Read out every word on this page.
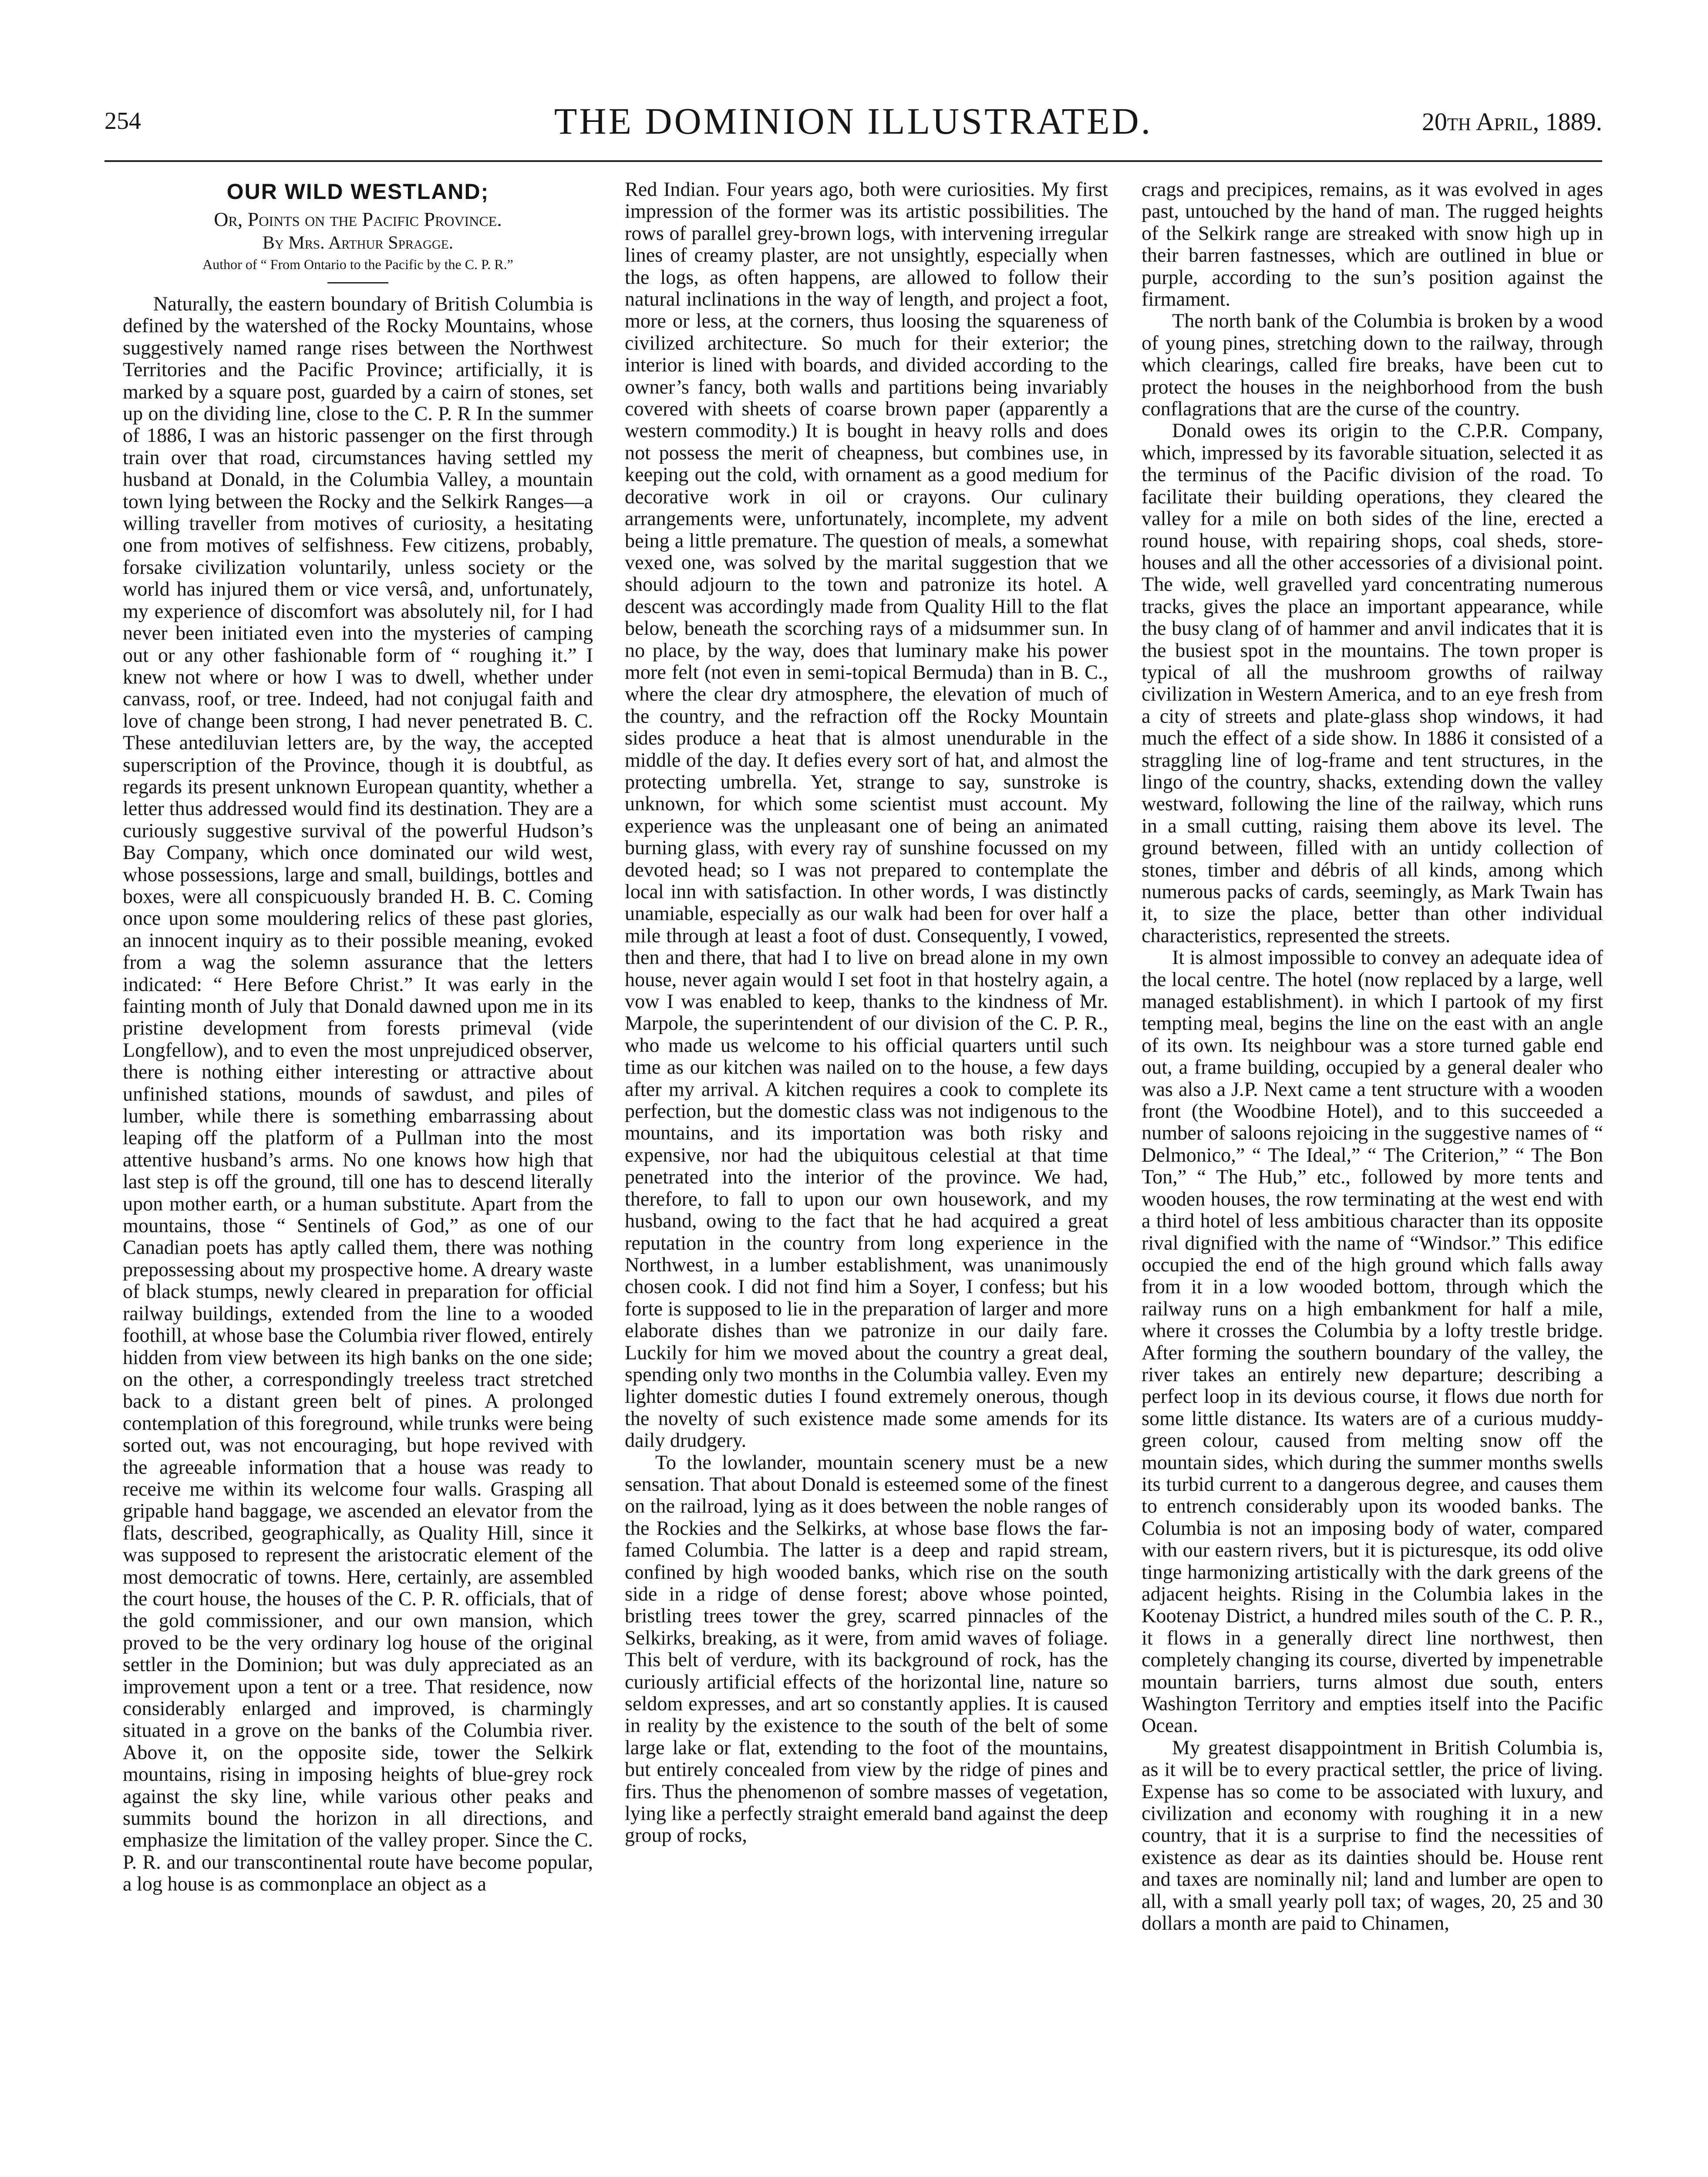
254	THE DOMINION ILLUSTRATED.	20th April, 1889.
OUR WILD WESTLAND;
Or, Points on the Pacific Province.
By Mrs. Arthur Spragge.
Author of “ From Ontario to the Pacific by the C. P. R.”

Naturally, the eastern boundary of British Columbia is defined by the watershed of the Rocky Mountains, whose suggestively named range rises between the Northwest Territories and the Pacific Province; artificially, it is marked by a square post, guarded by a cairn of stones, set up on the dividing line, close to the C. P. R In the summer of 1886, I was an historic passenger on the first through train over that road, circumstances having settled my husband at Donald, in the Columbia Valley, a mountain town lying between the Rocky and the Selkirk Ranges—a willing traveller from motives of curiosity, a hesitating one from motives of selfishness. Few citizens, probably, forsake civilization voluntarily, unless society or the world has injured them or vice versâ, and, unfortunately, my experience of discomfort was absolutely nil, for I had never been initiated even into the mysteries of camping out or any other fashionable form of “ roughing it.” I knew not where or how I was to dwell, whether under canvass, roof, or tree. Indeed, had not conjugal faith and love of change been strong, I had never penetrated B. C. These antediluvian letters are, by the way, the accepted superscription of the Province, though it is doubtful, as regards its present unknown European quantity, whether a letter thus addressed would find its destination. They are a curiously suggestive survival of the powerful Hudson’s Bay Company, which once dominated our wild west, whose possessions, large and small, buildings, bottles and boxes, were all conspicuously branded H. B. C. Coming once upon some mouldering relics of these past glories, an innocent inquiry as to their possible meaning, evoked from a wag the solemn assurance that the letters indicated: “ Here Before Christ.” It was early in the fainting month of July that Donald dawned upon me in its pristine development from forests primeval (vide Longfellow), and to even the most unprejudiced observer, there is nothing either interesting or attractive about unfinished stations, mounds of sawdust, and piles of lumber, while there is something embarrassing about leaping off the platform of a Pullman into the most attentive husband’s arms. No one knows how high that last step is off the ground, till one has to descend literally upon mother earth, or a human substitute. Apart from the mountains, those “ Sentinels of God,” as one of our Canadian poets has aptly called them, there was nothing prepossessing about my prospective home. A dreary waste of black stumps, newly cleared in preparation for official railway buildings, extended from the line to a wooded foothill, at whose base the Columbia river flowed, entirely hidden from view between its high banks on the one side; on the other, a correspondingly treeless tract stretched back to a distant green belt of pines. A prolonged contemplation of this foreground, while trunks were being sorted out, was not encouraging, but hope revived with the agreeable information that a house was ready to receive me within its welcome four walls. Grasping all gripable hand baggage, we ascended an elevator from the flats, described, geographically, as Quality Hill, since it was supposed to represent the aristocratic element of the most democratic of towns. Here, certainly, are assembled the court house, the houses of the C. P. R. officials, that of the gold commissioner, and our own mansion, which proved to be the very ordinary log house of the original settler in the Dominion; but was duly appreciated as an improvement upon a tent or a tree. That residence, now considerably enlarged and improved, is charmingly situated in a grove on the banks of the Columbia river. Above it, on the opposite side, tower the Selkirk mountains, rising in imposing heights of blue-grey rock against the sky line, while various other peaks and summits bound the horizon in all directions, and emphasize the limitation of the valley proper. Since the C. P. R. and our transcontinental route have become popular, a log house is as commonplace an object as a

Red Indian. Four years ago, both were curiosities. My first impression of the former was its artistic possibilities. The rows of parallel grey-brown logs, with intervening irregular lines of creamy plaster, are not unsightly, especially when the logs, as often happens, are allowed to follow their natural inclinations in the way of length, and project a foot, more or less, at the corners, thus loosing the squareness of civilized architecture. So much for their exterior; the interior is lined with boards, and divided according to the owner’s fancy, both walls and partitions being invariably covered with sheets of coarse brown paper (apparently a western commodity.) It is bought in heavy rolls and does not possess the merit of cheapness, but combines use, in keeping out the cold, with ornament as a good medium for decorative work in oil or crayons. Our culinary arrangements were, unfortunately, incomplete, my advent being a little premature. The question of meals, a somewhat vexed one, was solved by the marital suggestion that we should adjourn to the town and patronize its hotel. A descent was accordingly made from Quality Hill to the flat below, beneath the scorching rays of a midsummer sun. In no place, by the way, does that luminary make his power more felt (not even in semi-topical Bermuda) than in B. C., where the clear dry atmosphere, the elevation of much of the country, and the refraction off the Rocky Mountain sides produce a heat that is almost unendurable in the middle of the day. It defies every sort of hat, and almost the protecting umbrella. Yet, strange to say, sunstroke is unknown, for which some scientist must account. My experience was the unpleasant one of being an animated burning glass, with every ray of sunshine focussed on my devoted head; so I was not prepared to contemplate the local inn with satisfaction. In other words, I was distinctly unamiable, especially as our walk had been for over half a mile through at least a foot of dust. Consequently, I vowed, then and there, that had I to live on bread alone in my own house, never again would I set foot in that hostelry again, a vow I was enabled to keep, thanks to the kindness of Mr. Marpole, the superintendent of our division of the C. P. R., who made us welcome to his official quarters until such time as our kitchen was nailed on to the house, a few days after my arrival. A kitchen requires a cook to complete its perfection, but the domestic class was not indigenous to the mountains, and its importation was both risky and expensive, nor had the ubiquitous celestial at that time penetrated into the interior of the province. We had, therefore, to fall to upon our own housework, and my husband, owing to the fact that he had acquired a great reputation in the country from long experience in the Northwest, in a lumber establishment, was unanimously chosen cook. I did not find him a Soyer, I confess; but his forte is supposed to lie in the preparation of larger and more elaborate dishes than we patronize in our daily fare. Luckily for him we moved about the country a great deal, spending only two months in the Columbia valley. Even my lighter domestic duties I found extremely onerous, though the novelty of such existence made some amends for its daily drudgery.

To the lowlander, mountain scenery must be a new sensation. That about Donald is esteemed some of the finest on the railroad, lying as it does between the noble ranges of the Rockies and the Selkirks, at whose base flows the far-famed Columbia. The latter is a deep and rapid stream, confined by high wooded banks, which rise on the south side in a ridge of dense forest; above whose pointed, bristling trees tower the grey, scarred pinnacles of the Selkirks, breaking, as it were, from amid waves of foliage. This belt of verdure, with its background of rock, has the curiously artificial effects of the horizontal line, nature so seldom expresses, and art so constantly applies. It is caused in reality by the existence to the south of the belt of some large lake or flat, extending to the foot of the mountains, but entirely concealed from view by the ridge of pines and firs. Thus the phenomenon of sombre masses of vegetation, lying like a perfectly straight emerald band against the deep group of rocks,

crags and precipices, remains, as it was evolved in ages past, untouched by the hand of man. The rugged heights of the Selkirk range are streaked with snow high up in their barren fastnesses, which are outlined in blue or purple, according to the sun’s position against the firmament.

The north bank of the Columbia is broken by a wood of young pines, stretching down to the railway, through which clearings, called fire breaks, have been cut to protect the houses in the neighborhood from the bush conflagrations that are the curse of the country.

Donald owes its origin to the C.P.R. Company, which, impressed by its favorable situation, selected it as the terminus of the Pacific division of the road. To facilitate their building operations, they cleared the valley for a mile on both sides of the line, erected a round house, with repairing shops, coal sheds, store-houses and all the other accessories of a divisional point. The wide, well gravelled yard concentrating numerous tracks, gives the place an important appearance, while the busy clang of of hammer and anvil indicates that it is the busiest spot in the mountains. The town proper is typical of all the mushroom growths of railway civilization in Western America, and to an eye fresh from a city of streets and plate-glass shop windows, it had much the effect of a side show. In 1886 it consisted of a straggling line of log-frame and tent structures, in the lingo of the country, shacks, extending down the valley westward, following the line of the railway, which runs in a small cutting, raising them above its level. The ground between, filled with an untidy collection of stones, timber and débris of all kinds, among which numerous packs of cards, seemingly, as Mark Twain has it, to size the place, better than other individual characteristics, represented the streets.

It is almost impossible to convey an adequate idea of the local centre. The hotel (now replaced by a large, well managed establishment). in which I partook of my first tempting meal, begins the line on the east with an angle of its own. Its neighbour was a store turned gable end out, a frame building, occupied by a general dealer who was also a J.P. Next came a tent structure with a wooden front (the Woodbine Hotel), and to this succeeded a number of saloons rejoicing in the suggestive names of “ Delmonico,” “ The Ideal,” “ The Criterion,” “ The Bon Ton,” “ The Hub,” etc., followed by more tents and wooden houses, the row terminating at the west end with a third hotel of less ambitious character than its opposite rival dignified with the name of “Windsor.” This edifice occupied the end of the high ground which falls away from it in a low wooded bottom, through which the railway runs on a high embankment for half a mile, where it crosses the Columbia by a lofty trestle bridge. After forming the southern boundary of the valley, the river takes an entirely new departure; describing a perfect loop in its devious course, it flows due north for some little distance. Its waters are of a curious muddy-green colour, caused from melting snow off the mountain sides, which during the summer months swells its turbid current to a dangerous degree, and causes them to entrench considerably upon its wooded banks. The Columbia is not an imposing body of water, compared with our eastern rivers, but it is picturesque, its odd olive tinge harmonizing artistically with the dark greens of the adjacent heights. Rising in the Columbia lakes in the Kootenay District, a hundred miles south of the C. P. R., it flows in a generally direct line northwest, then completely changing its course, diverted by impenetrable mountain barriers, turns almost due south, enters Washington Territory and empties itself into the Pacific Ocean.

My greatest disappointment in British Columbia is, as it will be to every practical settler, the price of living. Expense has so come to be associated with luxury, and civilization and economy with roughing it in a new country, that it is a surprise to find the necessities of existence as dear as its dainties should be. House rent and taxes are nominally nil; land and lumber are open to all, with a small yearly poll tax; of wages, 20, 25 and 30 dollars a month are paid to Chinamen,
